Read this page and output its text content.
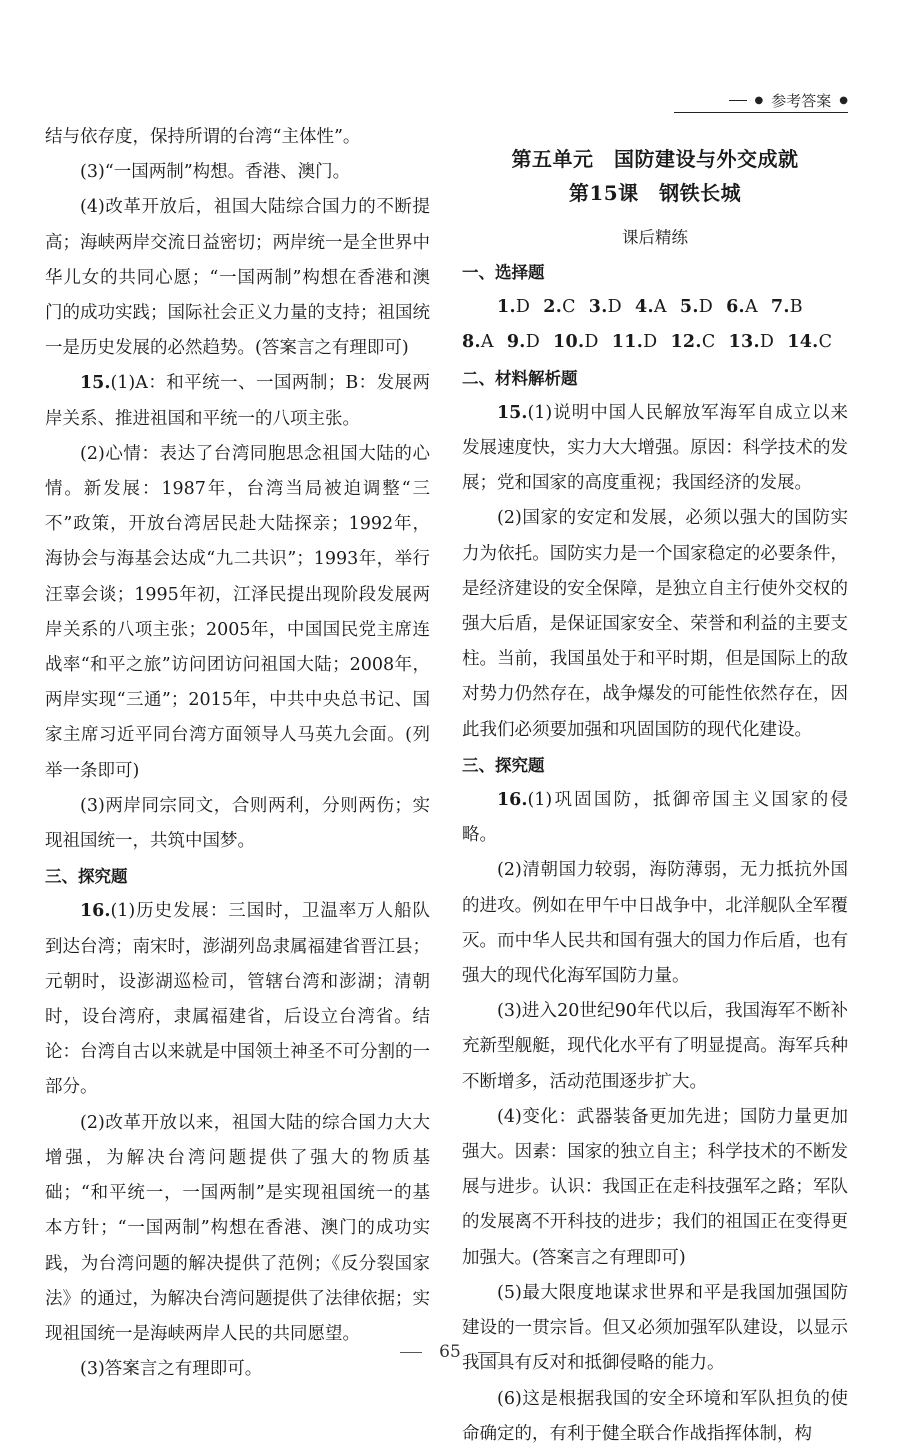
● 参考答案 ●
结与依存度，保持所谓的台湾“主体性”。
(3)“一国两制”构想。香港、澳门。
(4)改革开放后，祖国大陆综合国力的不断提高；海峡两岸交流日益密切；两岸统一是全世界中华儿女的共同心愿；“一国两制”构想在香港和澳门的成功实践；国际社会正义力量的支持；祖国统一是历史发展的必然趋势。(答案言之有理即可)
15.(1)A：和平统一、一国两制；B：发展两岸关系、推进祖国和平统一的八项主张。
(2)心情：表达了台湾同胞思念祖国大陆的心情。新发展：1987年，台湾当局被迫调整“三不”政策，开放台湾居民赴大陆探亲；1992年，海协会与海基会达成“九二共识”；1993年，举行汪辜会谈；1995年初，江泽民提出现阶段发展两岸关系的八项主张；2005年，中国国民党主席连战率“和平之旅”访问团访问祖国大陆；2008年，两岸实现“三通”；2015年，中共中央总书记、国家主席习近平同台湾方面领导人马英九会面。(列举一条即可)
(3)两岸同宗同文，合则两利，分则两伤；实现祖国统一，共筑中国梦。
三、探究题
16.(1)历史发展：三国时，卫温率万人船队到达台湾；南宋时，澎湖列岛隶属福建省晋江县；元朝时，设澎湖巡检司，管辖台湾和澎湖；清朝时，设台湾府，隶属福建省，后设立台湾省。结论：台湾自古以来就是中国领土神圣不可分割的一部分。
(2)改革开放以来，祖国大陆的综合国力大大增强，为解决台湾问题提供了强大的物质基础；“和平统一，一国两制”是实现祖国统一的基本方针；“一国两制”构想在香港、澳门的成功实践，为台湾问题的解决提供了范例；《反分裂国家法》的通过，为解决台湾问题提供了法律依据；实现祖国统一是海峡两岸人民的共同愿望。
(3)答案言之有理即可。
第五单元　国防建设与外交成就
第15课　钢铁长城
课后精练
一、选择题
1.D 2.C 3.D 4.A 5.D 6.A 7.B
8.A 9.D 10.D 11.D 12.C 13.D 14.C
二、材料解析题
15.(1)说明中国人民解放军海军自成立以来发展速度快，实力大大增强。原因：科学技术的发展；党和国家的高度重视；我国经济的发展。
(2)国家的安定和发展，必须以强大的国防实力为依托。国防实力是一个国家稳定的必要条件，是经济建设的安全保障，是独立自主行使外交权的强大后盾，是保证国家安全、荣誉和利益的主要支柱。当前，我国虽处于和平时期，但是国际上的敌对势力仍然存在，战争爆发的可能性依然存在，因此我们必须要加强和巩固国防的现代化建设。
三、探究题
16.(1)巩固国防，抵御帝国主义国家的侵略。
(2)清朝国力较弱，海防薄弱，无力抵抗外国的进攻。例如在甲午中日战争中，北洋舰队全军覆灭。而中华人民共和国有强大的国力作后盾，也有强大的现代化海军国防力量。
(3)进入20世纪90年代以后，我国海军不断补充新型舰艇，现代化水平有了明显提高。海军兵种不断增多，活动范围逐步扩大。
(4)变化：武器装备更加先进；国防力量更加强大。因素：国家的独立自主；科学技术的不断发展与进步。认识：我国正在走科技强军之路；军队的发展离不开科技的进步；我们的祖国正在变得更加强大。(答案言之有理即可)
(5)最大限度地谋求世界和平是我国加强国防建设的一贯宗旨。但又必须加强军队建设，以显示我国具有反对和抵御侵略的能力。
(6)这是根据我国的安全环境和军队担负的使命确定的，有利于健全联合作战指挥体制，构
65
